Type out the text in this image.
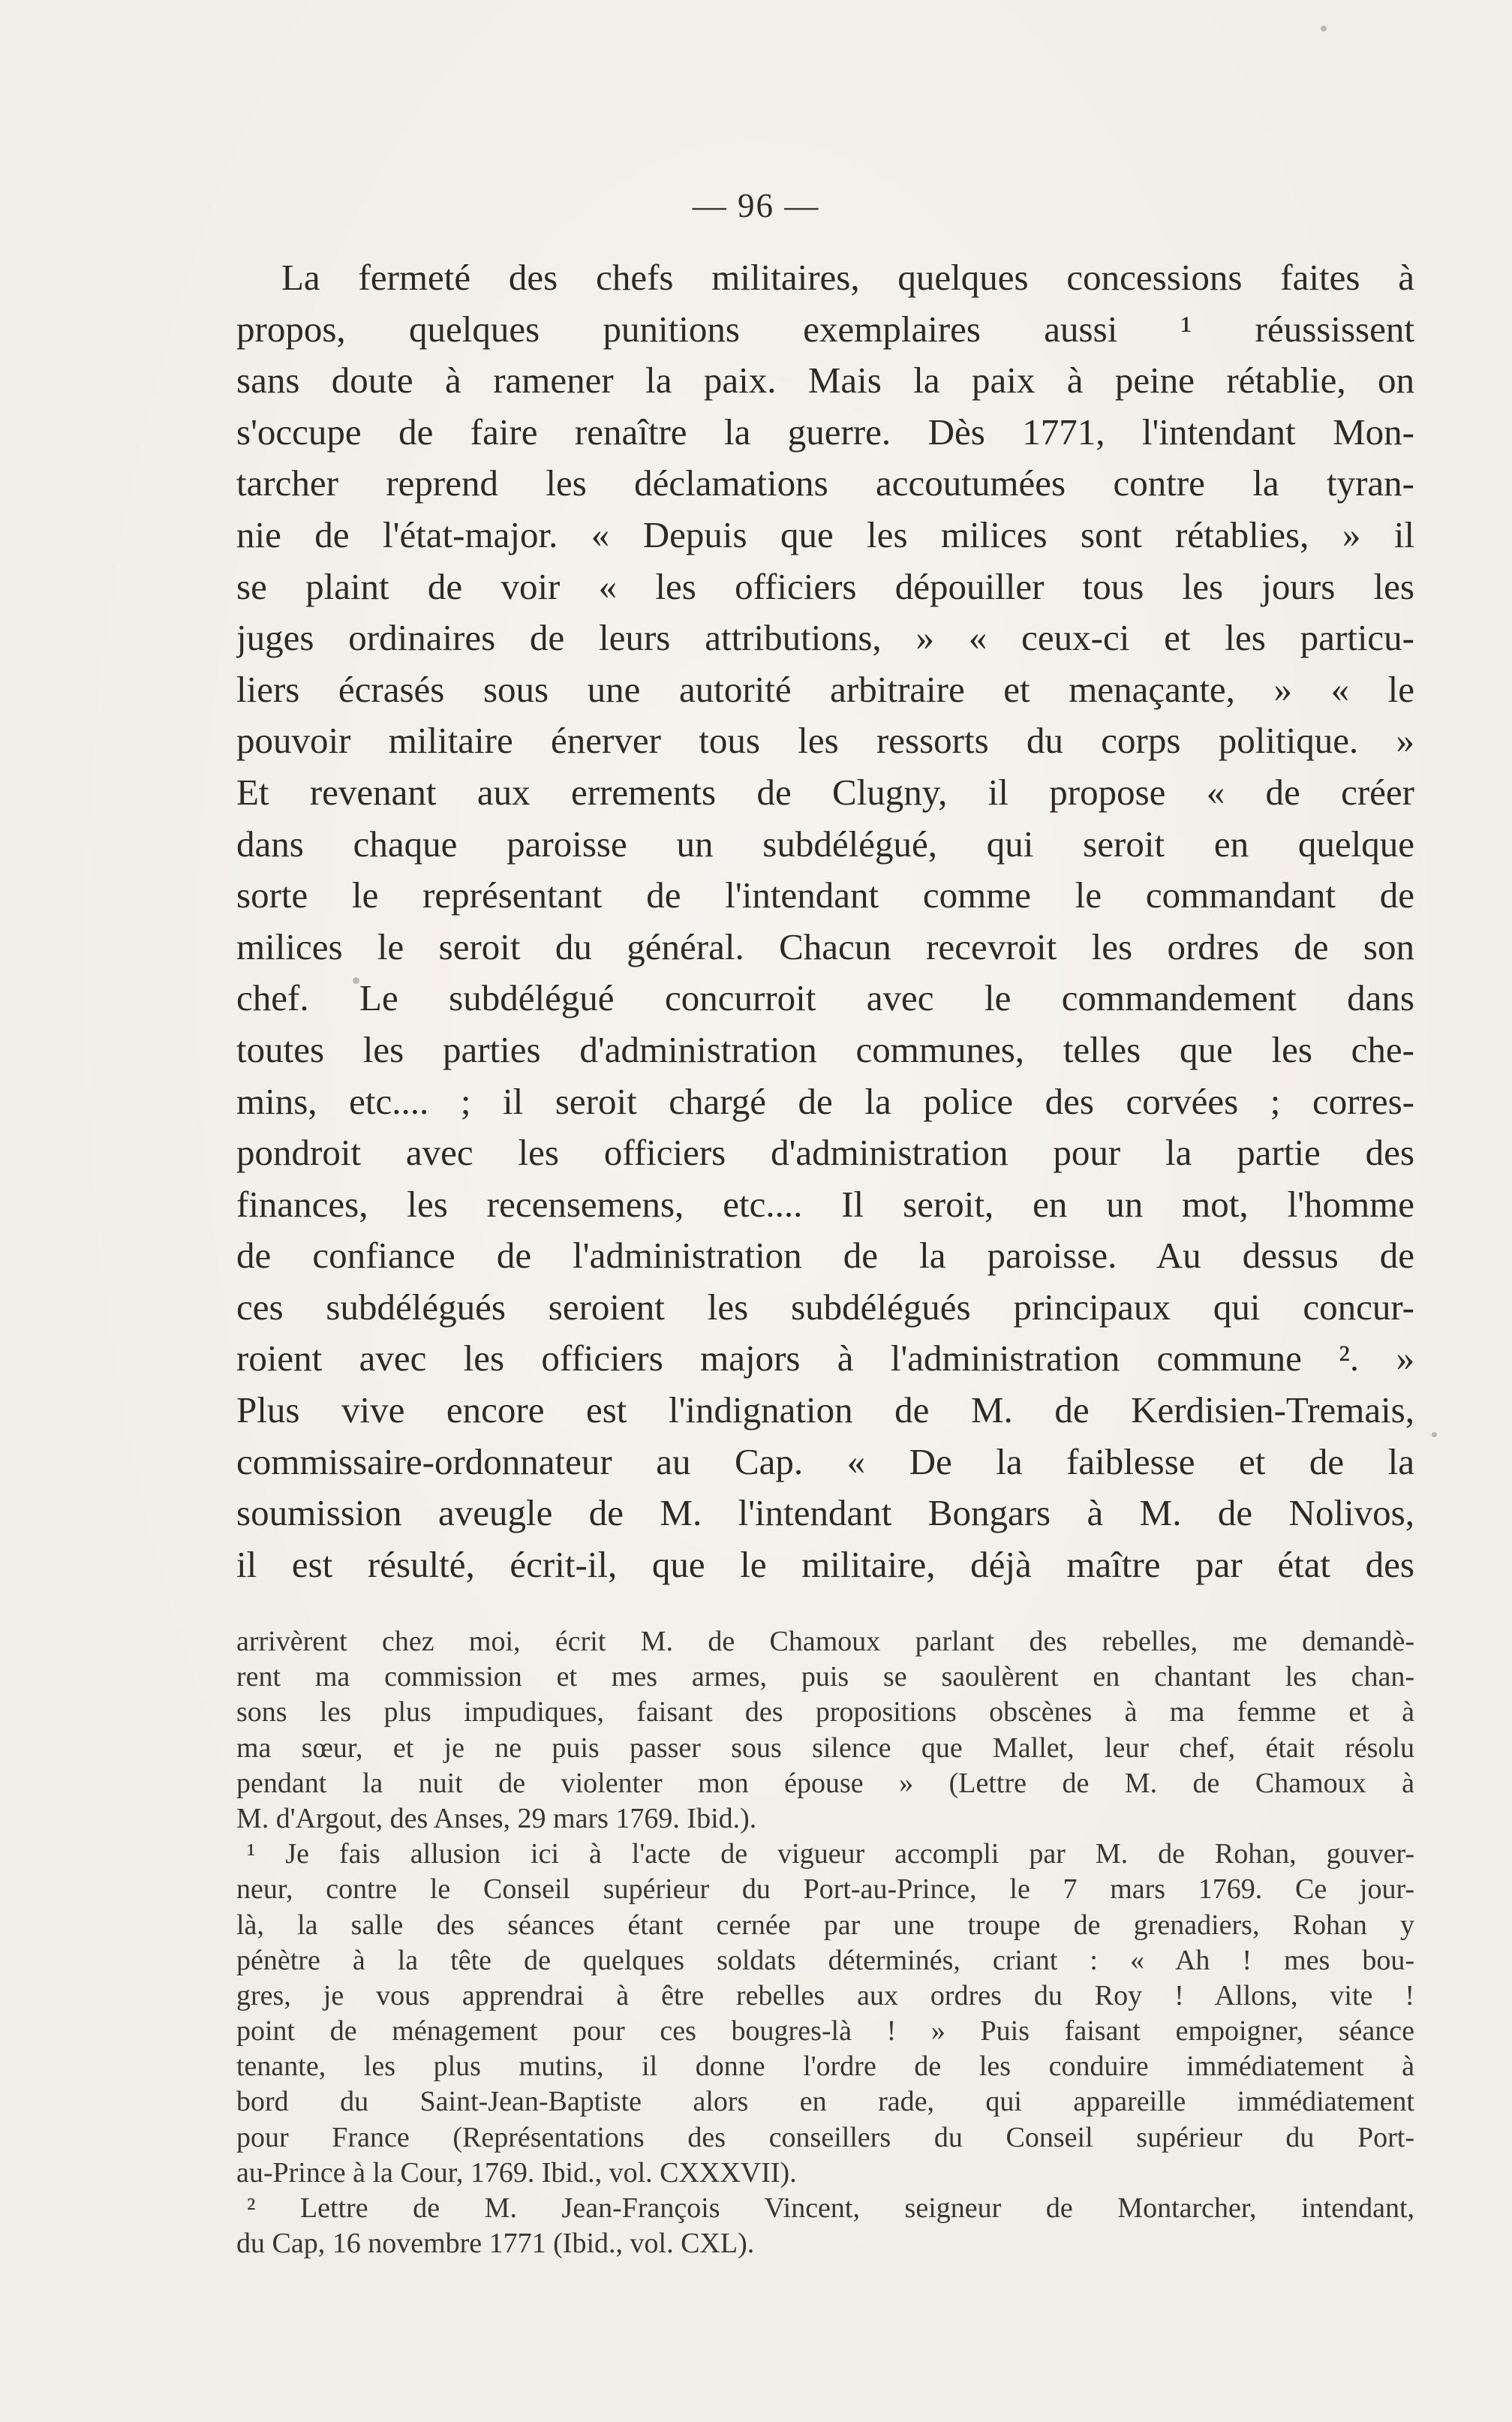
— 96 —
La fermeté des chefs militaires, quelques concessions faites à
propos, quelques punitions exemplaires aussi ¹ réussissent
sans doute à ramener la paix. Mais la paix à peine rétablie, on
s'occupe de faire renaître la guerre. Dès 1771, l'intendant Mon-
tarcher reprend les déclamations accoutumées contre la tyran-
nie de l'état-major. « Depuis que les milices sont rétablies, » il
se plaint de voir « les officiers dépouiller tous les jours les
juges ordinaires de leurs attributions, » « ceux-ci et les particu-
liers écrasés sous une autorité arbitraire et menaçante, » « le
pouvoir militaire énerver tous les ressorts du corps politique. »
Et revenant aux errements de Clugny, il propose « de créer
dans chaque paroisse un subdélégué, qui seroit en quelque
sorte le représentant de l'intendant comme le commandant de
milices le seroit du général. Chacun recevroit les ordres de son
chef. Le subdélégué concurroit avec le commandement dans
toutes les parties d'administration communes, telles que les che-
mins, etc.... ; il seroit chargé de la police des corvées ; corres-
pondroit avec les officiers d'administration pour la partie des
finances, les recensemens, etc.... Il seroit, en un mot, l'homme
de confiance de l'administration de la paroisse. Au dessus de
ces subdélégués seroient les subdélégués principaux qui concur-
roient avec les officiers majors à l'administration commune ². »
Plus vive encore est l'indignation de M. de Kerdisien-Tremais,
commissaire-ordonnateur au Cap. « De la faiblesse et de la
soumission aveugle de M. l'intendant Bongars à M. de Nolivos,
il est résulté, écrit-il, que le militaire, déjà maître par état des
arrivèrent chez moi, écrit M. de Chamoux parlant des rebelles, me demandè-
rent ma commission et mes armes, puis se saoulèrent en chantant les chan-
sons les plus impudiques, faisant des propositions obscènes à ma femme et à
ma sœur, et je ne puis passer sous silence que Mallet, leur chef, était résolu
pendant la nuit de violenter mon épouse » (Lettre de M. de Chamoux à
M. d'Argout, des Anses, 29 mars 1769. Ibid.).
¹ Je fais allusion ici à l'acte de vigueur accompli par M. de Rohan, gouver-
neur, contre le Conseil supérieur du Port-au-Prince, le 7 mars 1769. Ce jour-
là, la salle des séances étant cernée par une troupe de grenadiers, Rohan y
pénètre à la tête de quelques soldats déterminés, criant : « Ah ! mes bou-
gres, je vous apprendrai à être rebelles aux ordres du Roy ! Allons, vite !
point de ménagement pour ces bougres-là ! » Puis faisant empoigner, séance
tenante, les plus mutins, il donne l'ordre de les conduire immédiatement à
bord du Saint-Jean-Baptiste alors en rade, qui appareille immédiatement
pour France (Représentations des conseillers du Conseil supérieur du Port-
au-Prince à la Cour, 1769. Ibid., vol. CXXXVII).
² Lettre de M. Jean-François Vincent, seigneur de Montarcher, intendant,
du Cap, 16 novembre 1771 (Ibid., vol. CXL).
